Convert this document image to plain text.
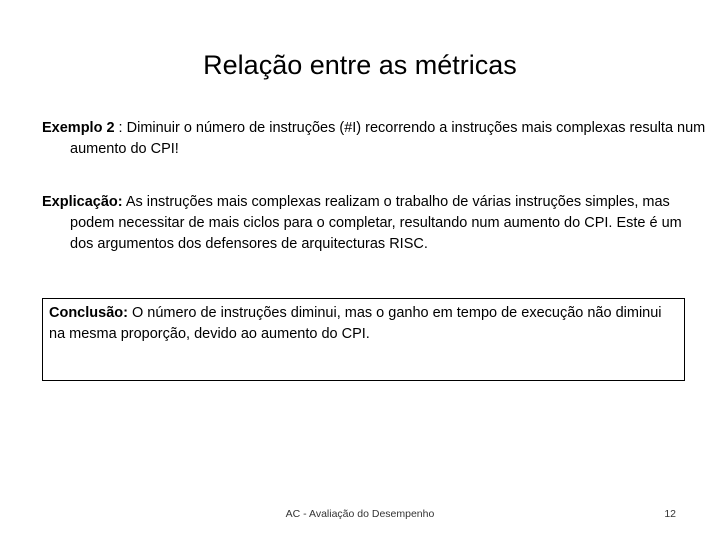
Relação entre as métricas
Exemplo 2 : Diminuir o número de instruções (#I) recorrendo a instruções mais complexas resulta num aumento do CPI!
Explicação: As instruções mais complexas realizam o trabalho de várias instruções simples, mas podem necessitar de mais ciclos para o completar, resultando num aumento do CPI. Este é um dos argumentos dos defensores de arquitecturas RISC.
Conclusão: O número de instruções diminui, mas o ganho em tempo de execução não diminui na mesma proporção, devido ao aumento do CPI.
AC - Avaliação do Desempenho	12
